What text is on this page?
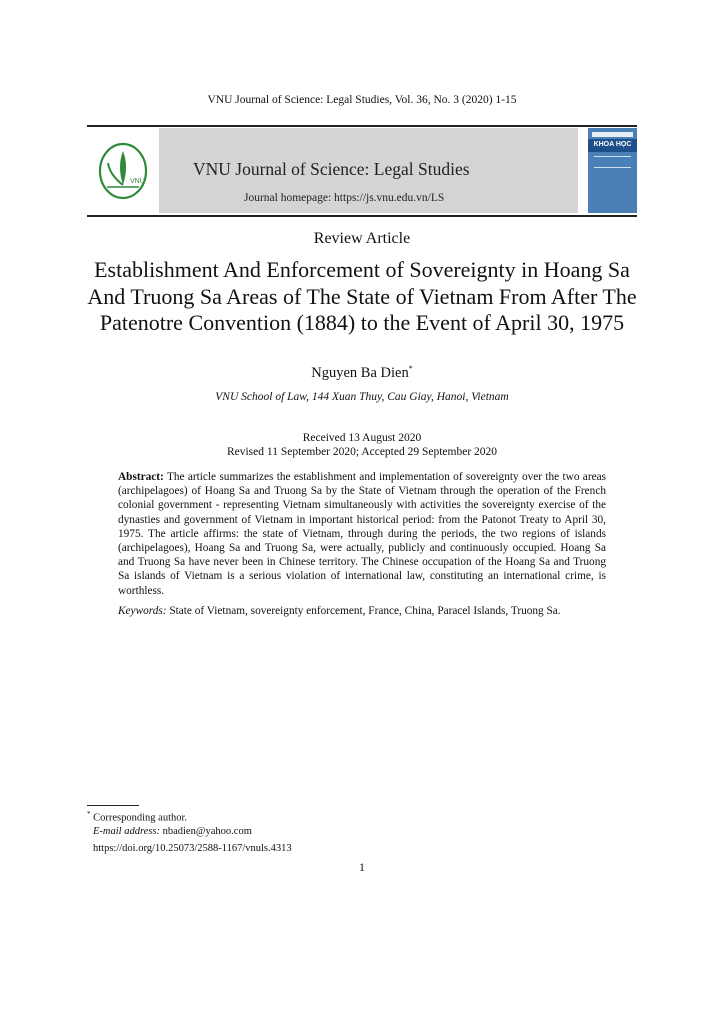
VNU Journal of Science: Legal Studies, Vol. 36, No. 3 (2020) 1-15
VNU
VNU Journal of Science: Legal Studies
Journal homepage: https://js.vnu.edu.vn/LS
KHOA HỌC
Review Article
Establishment And Enforcement of Sovereignty in Hoang Sa
And Truong Sa Areas of The State of Vietnam From After The
Patenotre Convention (1884) to the Event of April 30, 1975
Nguyen Ba Dien*
VNU School of Law, 144 Xuan Thuy, Cau Giay, Hanoi, Vietnam
Received 13 August 2020
Revised 11 September 2020; Accepted 29 September 2020
Abstract: The article summarizes the establishment and implementation of sovereignty over the two areas (archipelagoes) of Hoang Sa and Truong Sa by the State of Vietnam through the operation of the French colonial government - representing Vietnam simultaneously with activities the sovereignty exercise of the dynasties and government of Vietnam in important historical period: from the Patonot Treaty to April 30, 1975. The article affirms: the state of Vietnam, through during the periods, the two regions of islands (archipelagoes), Hoang Sa and Truong Sa, were actually, publicly and continuously occupied. Hoang Sa and Truong Sa have never been in Chinese territory. The Chinese occupation of the Hoang Sa and Truong Sa islands of Vietnam is a serious violation of international law, constituting an international crime, is worthless.
Keywords: State of Vietnam, sovereignty enforcement, France, China, Paracel Islands, Truong Sa.
* Corresponding author.
E-mail address: nbadien@yahoo.com
https://doi.org/10.25073/2588-1167/vnuls.4313
1
